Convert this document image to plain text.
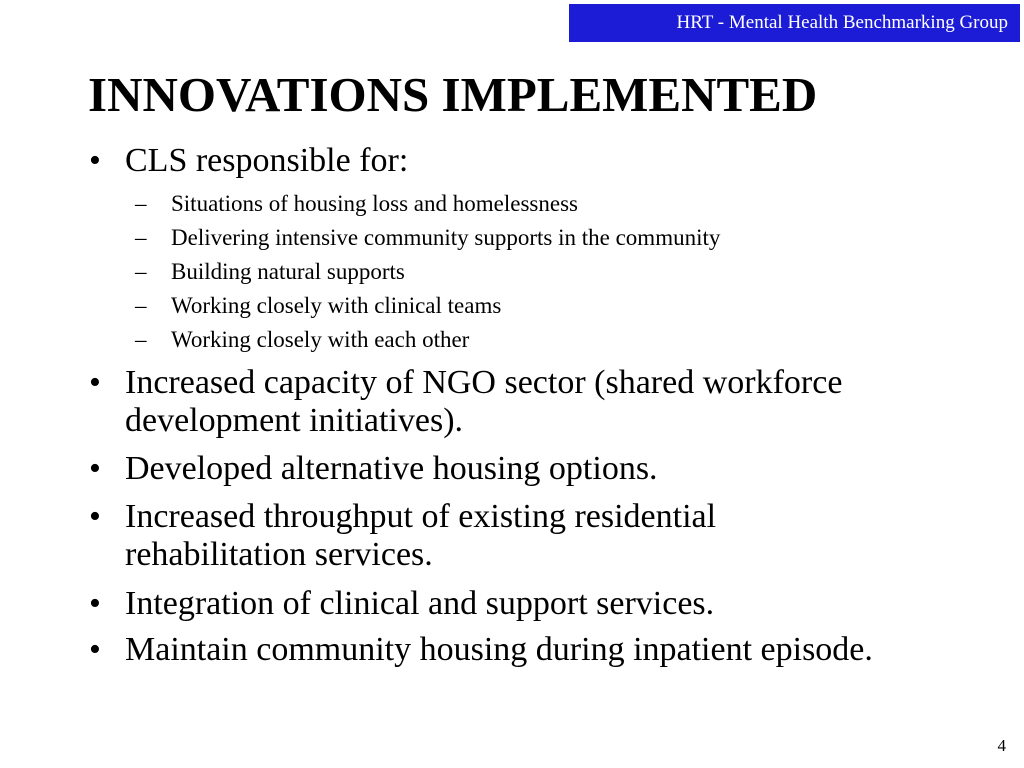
HRT - Mental Health Benchmarking Group
INNOVATIONS IMPLEMENTED
• CLS responsible for:
– Situations of housing loss and homelessness
– Delivering intensive community supports in the community
– Building natural supports
– Working closely with clinical teams
– Working closely with each other
• Increased capacity of NGO sector (shared workforce development initiatives).
• Developed alternative housing options.
• Increased throughput of existing residential rehabilitation services.
• Integration of clinical and support services.
• Maintain community housing during inpatient episode.
4
